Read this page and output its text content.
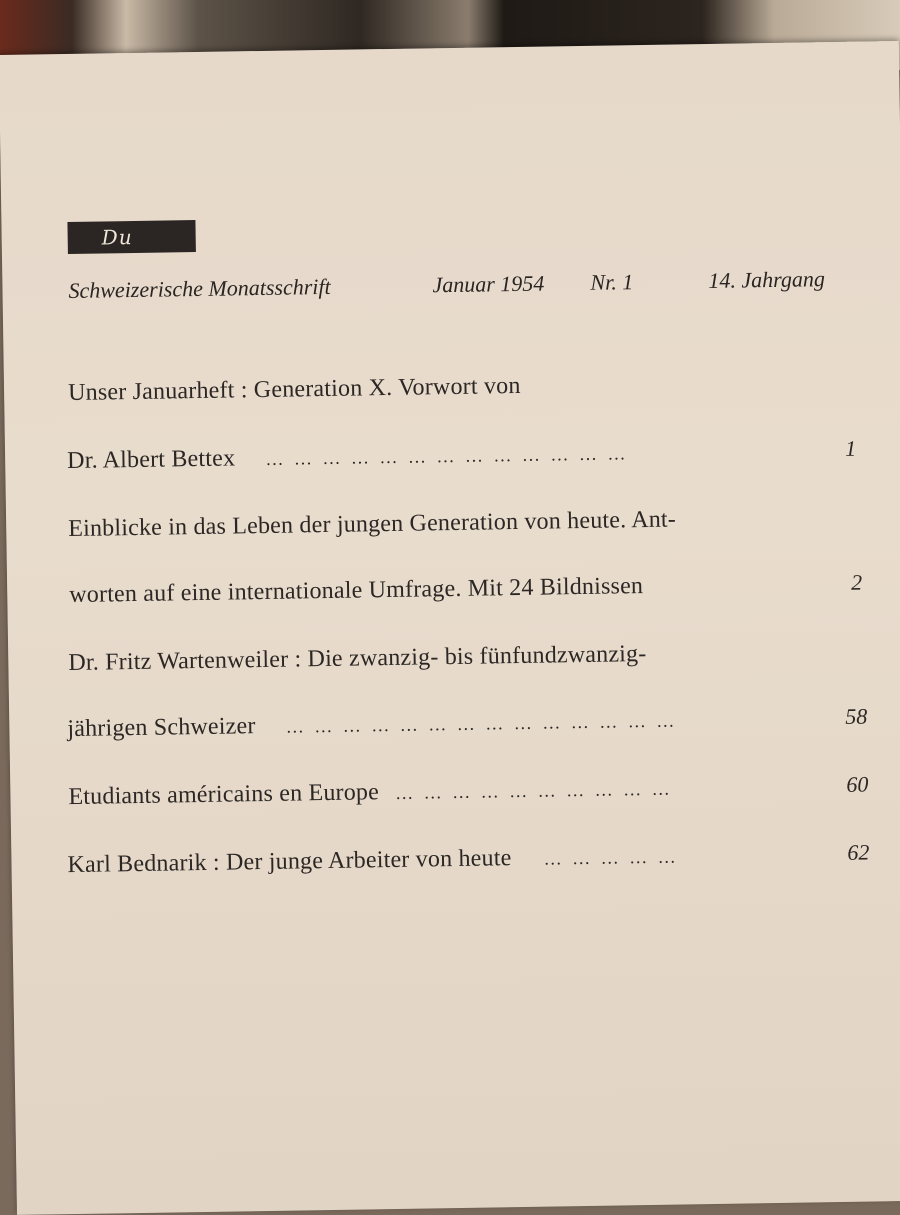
Du
Schweizerische Monatsschrift	Januar 1954 Nr. 1	14. Jahrgang
Unser Januarheft : Generation X. Vorwort von
Dr. Albert Bettex … … … … … … … … … … … … …	1
Einblicke in das Leben der jungen Generation von heute. Ant-
worten auf eine internationale Umfrage. Mit 24 Bildnissen	2
Dr. Fritz Wartenweiler : Die zwanzig- bis fünfundzwanzig-
jährigen Schweizer … … … … … … … … … … … … … …	58
Etudiants américains en Europe … … … … … … … … … …	60
Karl Bednarik : Der junge Arbeiter von heute … … … … …	62
